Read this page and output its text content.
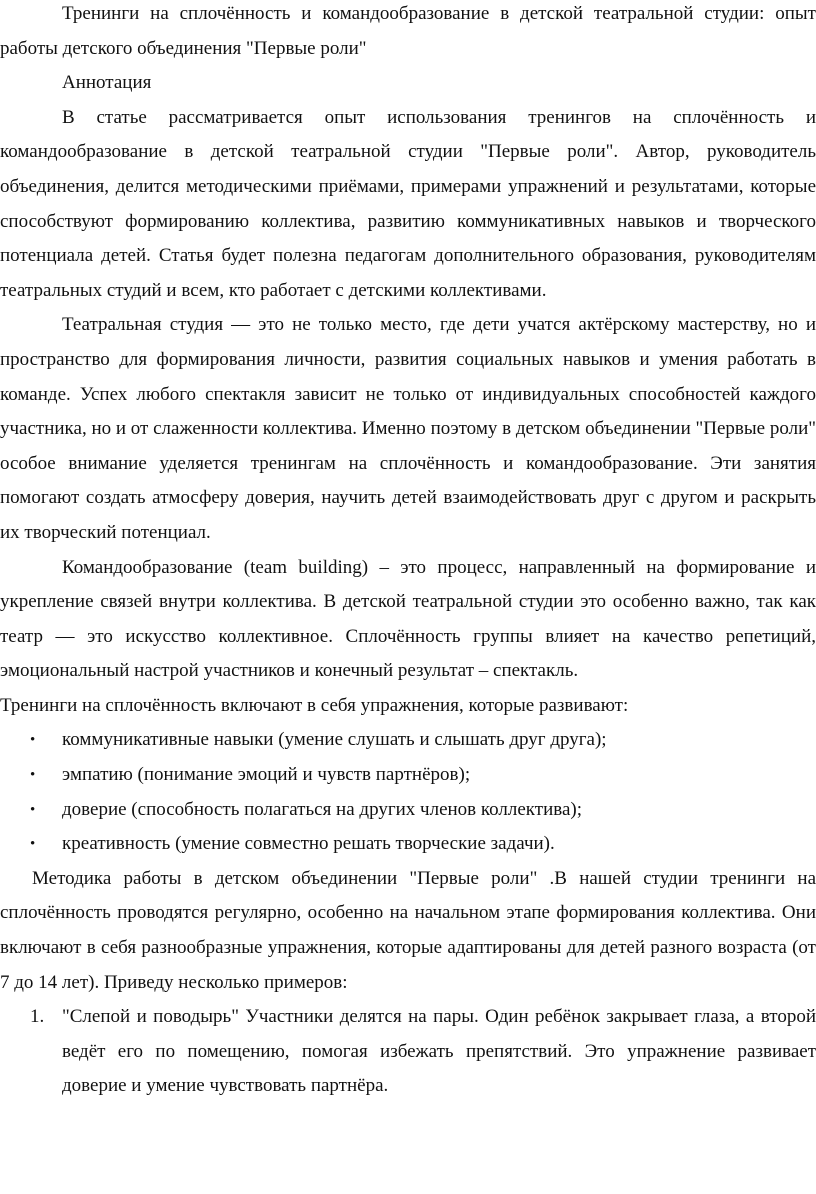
Тренинги на сплочённость и командообразование в детской театральной студии: опыт работы детского объединения "Первые роли"

Аннотация

В статье рассматривается опыт использования тренингов на сплочённость и командообразование в детской театральной студии "Первые роли". Автор, руководитель объединения, делится методическими приёмами, примерами упражнений и результатами, которые способствуют формированию коллектива, развитию коммуникативных навыков и творческого потенциала детей. Статья будет полезна педагогам дополнительного образования, руководителям театральных студий и всем, кто работает с детскими коллективами.

Театральная студия — это не только место, где дети учатся актёрскому мастерству, но и пространство для формирования личности, развития социальных навыков и умения работать в команде. Успех любого спектакля зависит не только от индивидуальных способностей каждого участника, но и от слаженности коллектива. Именно поэтому в детском объединении "Первые роли" особое внимание уделяется тренингам на сплочённость и командообразование. Эти занятия помогают создать атмосферу доверия, научить детей взаимодействовать друг с другом и раскрыть их творческий потенциал.

Командообразование (team building) – это процесс, направленный на формирование и укрепление связей внутри коллектива. В детской театральной студии это особенно важно, так как театр — это искусство коллективное. Сплочённость группы влияет на качество репетиций, эмоциональный настрой участников и конечный результат – спектакль.

Тренинги на сплочённость включают в себя упражнения, которые развивают:

• коммуникативные навыки (умение слушать и слышать друг друга);
• эмпатию (понимание эмоций и чувств партнёров);
• доверие (способность полагаться на других членов коллектива);
• креативность (умение совместно решать творческие задачи).

Методика работы в детском объединении "Первые роли" .В нашей студии тренинги на сплочённость проводятся регулярно, особенно на начальном этапе формирования коллектива. Они включают в себя разнообразные упражнения, которые адаптированы для детей разного возраста (от 7 до 14 лет). Приведу несколько примеров:

1. "Слепой и поводырь" Участники делятся на пары. Один ребёнок закрывает глаза, а второй ведёт его по помещению, помогая избежать препятствий. Это упражнение развивает доверие и умение чувствовать партнёра.
